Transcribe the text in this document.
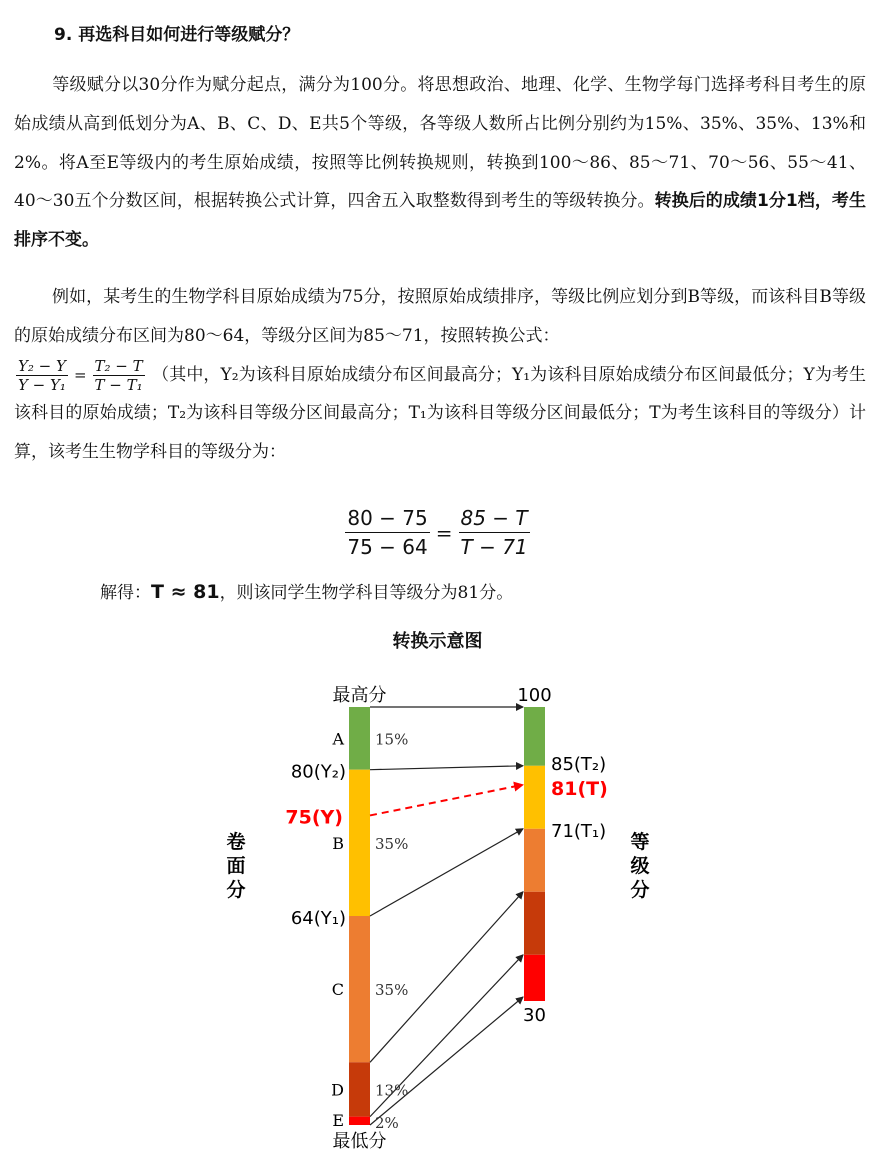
9. 再选科目如何进行等级赋分？
等级赋分以30分作为赋分起点，满分为100分。将思想政治、地理、化学、生物学每门选择考科目考生的原始成绩从高到低划分为A、B、C、D、E共5个等级，各等级人数所占比例分别约为15%、35%、35%、13%和2%。将A至E等级内的考生原始成绩，按照等比例转换规则，转换到100～86、85～71、70～56、55～41、40～30五个分数区间，根据转换公式计算，四舍五入取整数得到考生的等级转换分。转换后的成绩1分1档，考生排序不变。
例如，某考生的生物学科目原始成绩为75分，按照原始成绩排序，等级比例应划分到B等级，而该科目B等级的原始成绩分布区间为80～64，等级分区间为85～71，按照转换公式：

$\frac{\text{Y₂ − Y}}{\text{Y − Y₁}} = \frac{\text{T₂ − T}}{\text{T − T₁}}$ （其中，Y₂为该科目原始成绩分布区间最高分；Y₁为该科目原始成绩分布区间最低分；Y为考生该科目的原始成绩；T₂为该科目等级分区间最高分；T₁为该科目等级分区间最低分；T为考生该科目的等级分）计算，该考生生物学科目的等级分为：
$\frac{80 - 75}{75 - 64} = \frac{85 - T}{T - 71}$
解得：T ≈ 81，则该同学生物学科目等级分为81分。
转换示意图
A 15%
B 35%
C 35%
D 13%
E 2%
最高分
最低分
80(Y₂)
75(Y)
64(Y₁)
100
85(T₂)
81(T)
71(T₁)
30
卷
面
分
等
级
分
